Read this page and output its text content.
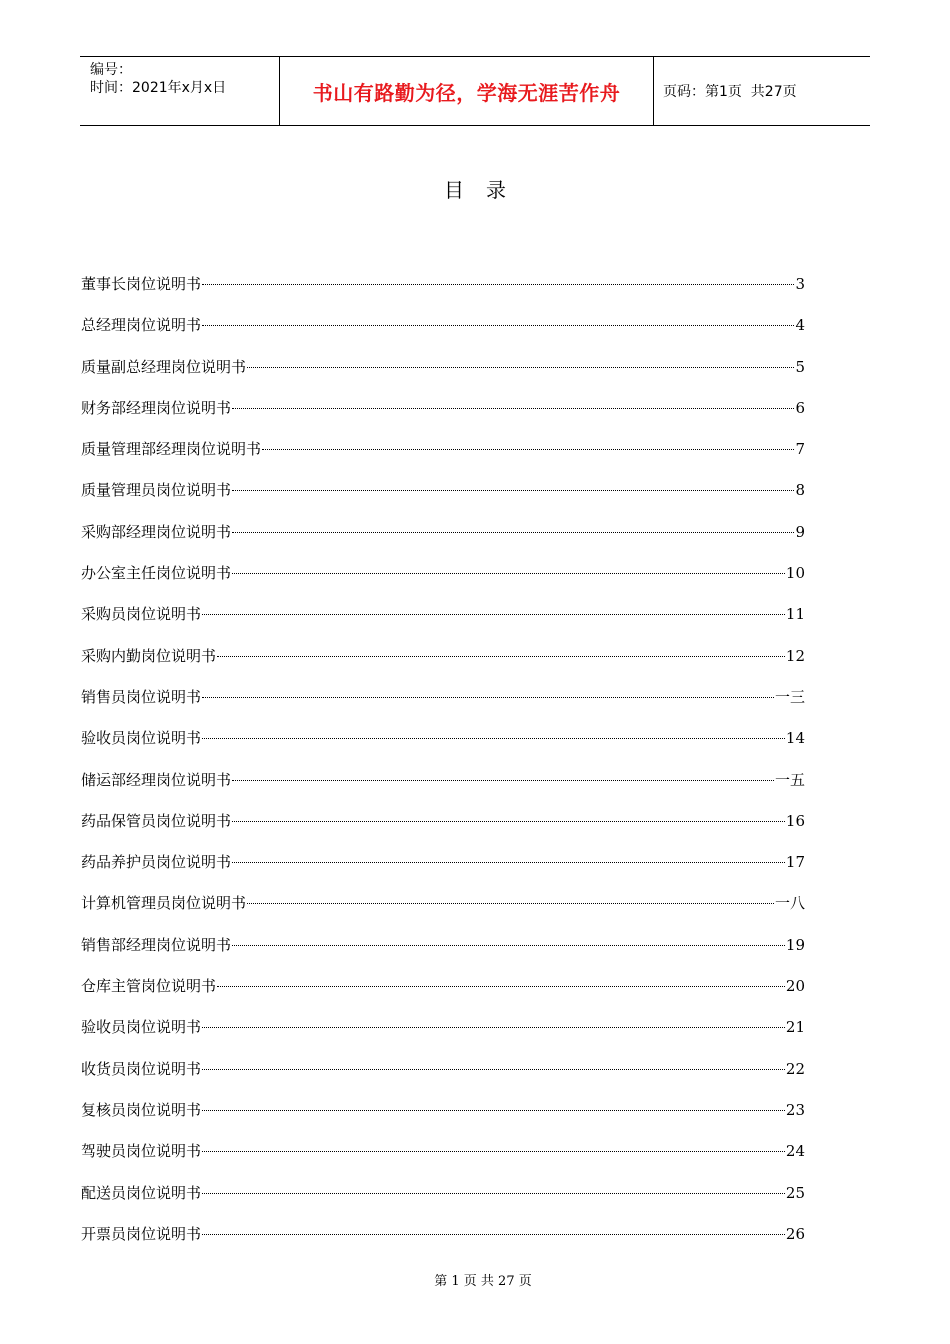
编号：
时间：2021年x月x日	书山有路勤为径，学海无涯苦作舟	页码：第1页  共27页
目录
董事长岗位说明书	3
总经理岗位说明书	4
质量副总经理岗位说明书	5
财务部经理岗位说明书	6
质量管理部经理岗位说明书	7
质量管理员岗位说明书	8
采购部经理岗位说明书	9
办公室主任岗位说明书	10
采购员岗位说明书	11
采购内勤岗位说明书	12
销售员岗位说明书	一三
验收员岗位说明书	14
储运部经理岗位说明书	一五
药品保管员岗位说明书	16
药品养护员岗位说明书	17
计算机管理员岗位说明书	一八
销售部经理岗位说明书	19
仓库主管岗位说明书	20
验收员岗位说明书	21
收货员岗位说明书	22
复核员岗位说明书	23
驾驶员岗位说明书	24
配送员岗位说明书	25
开票员岗位说明书	26
第 1 页 共 27 页
